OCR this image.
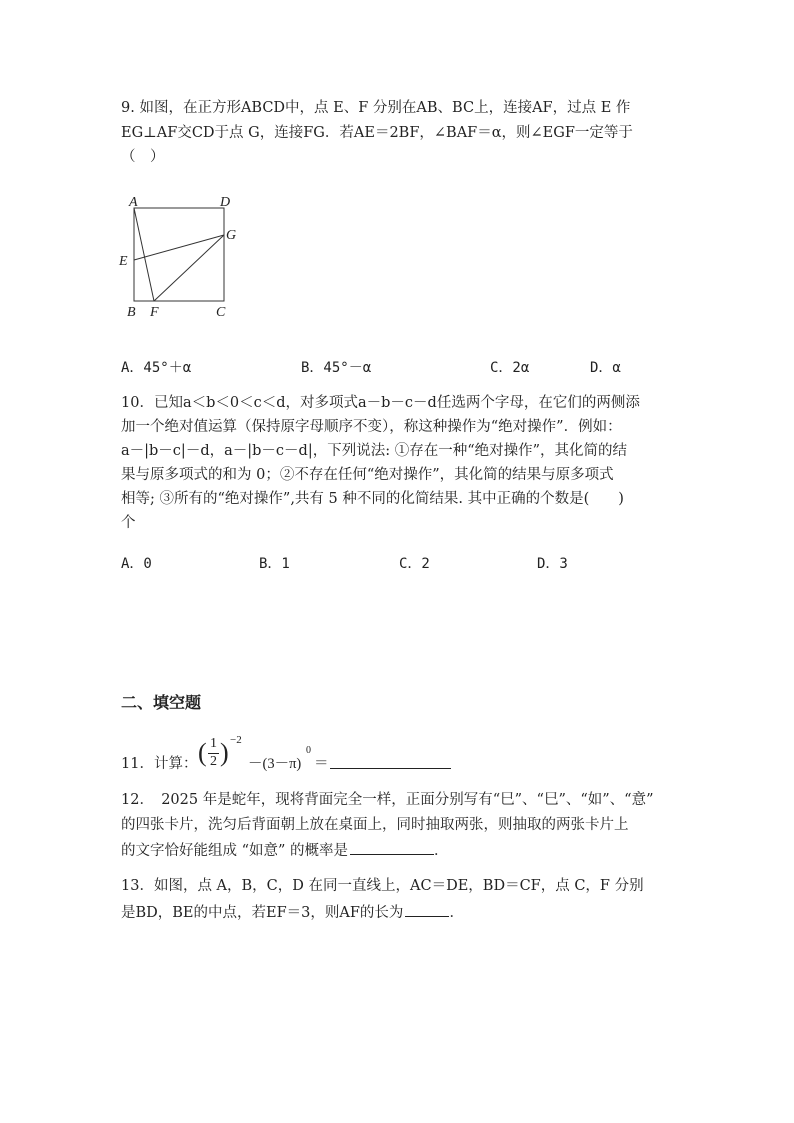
9. 如图，在正方形ABCD中，点 E、F 分别在AB、BC上，连接AF，过点 E 作
EG⊥AF交CD于点 G，连接FG．若AE＝2BF，∠BAF＝α，则∠EGF一定等于
（　）
A	D
G
E
B F	C
A．45°＋α	B．45°－α	C．2α	D．α
10．已知a＜b＜0＜c＜d，对多项式a－b－c－d任选两个字母，在它们的两侧添
加一个绝对值运算（保持原字母顺序不变），称这种操作为“绝对操作”．例如：
a－|b－c|－d，a－|b－c－d|，下列说法: ①存在一种“绝对操作”，其化简的结
果与原多项式的和为 0；②不存在任何“绝对操作”，其化简的结果与原多项式
相等; ③所有的“绝对操作”,共有 5 种不同的化简结果. 其中正确的个数是(　　)
个
A．0	B．1	C．2	D．3
二、填空题
11．计算： ( 1
2 ) −2
－(3－π)
0
＝
12．　2025 年是蛇年，现将背面完全一样，正面分别写有“巳”、“巳”、“如”、“意”
的四张卡片，洗匀后背面朝上放在桌面上，同时抽取两张，则抽取的两张卡片上
的文字恰好能组成 “如意” 的概率是	．
13．如图，点 A，B，C，D 在同一直线上，AC＝DE，BD＝CF，点 C，F 分别
是BD，BE的中点，若EF＝3，则AF的长为	．
